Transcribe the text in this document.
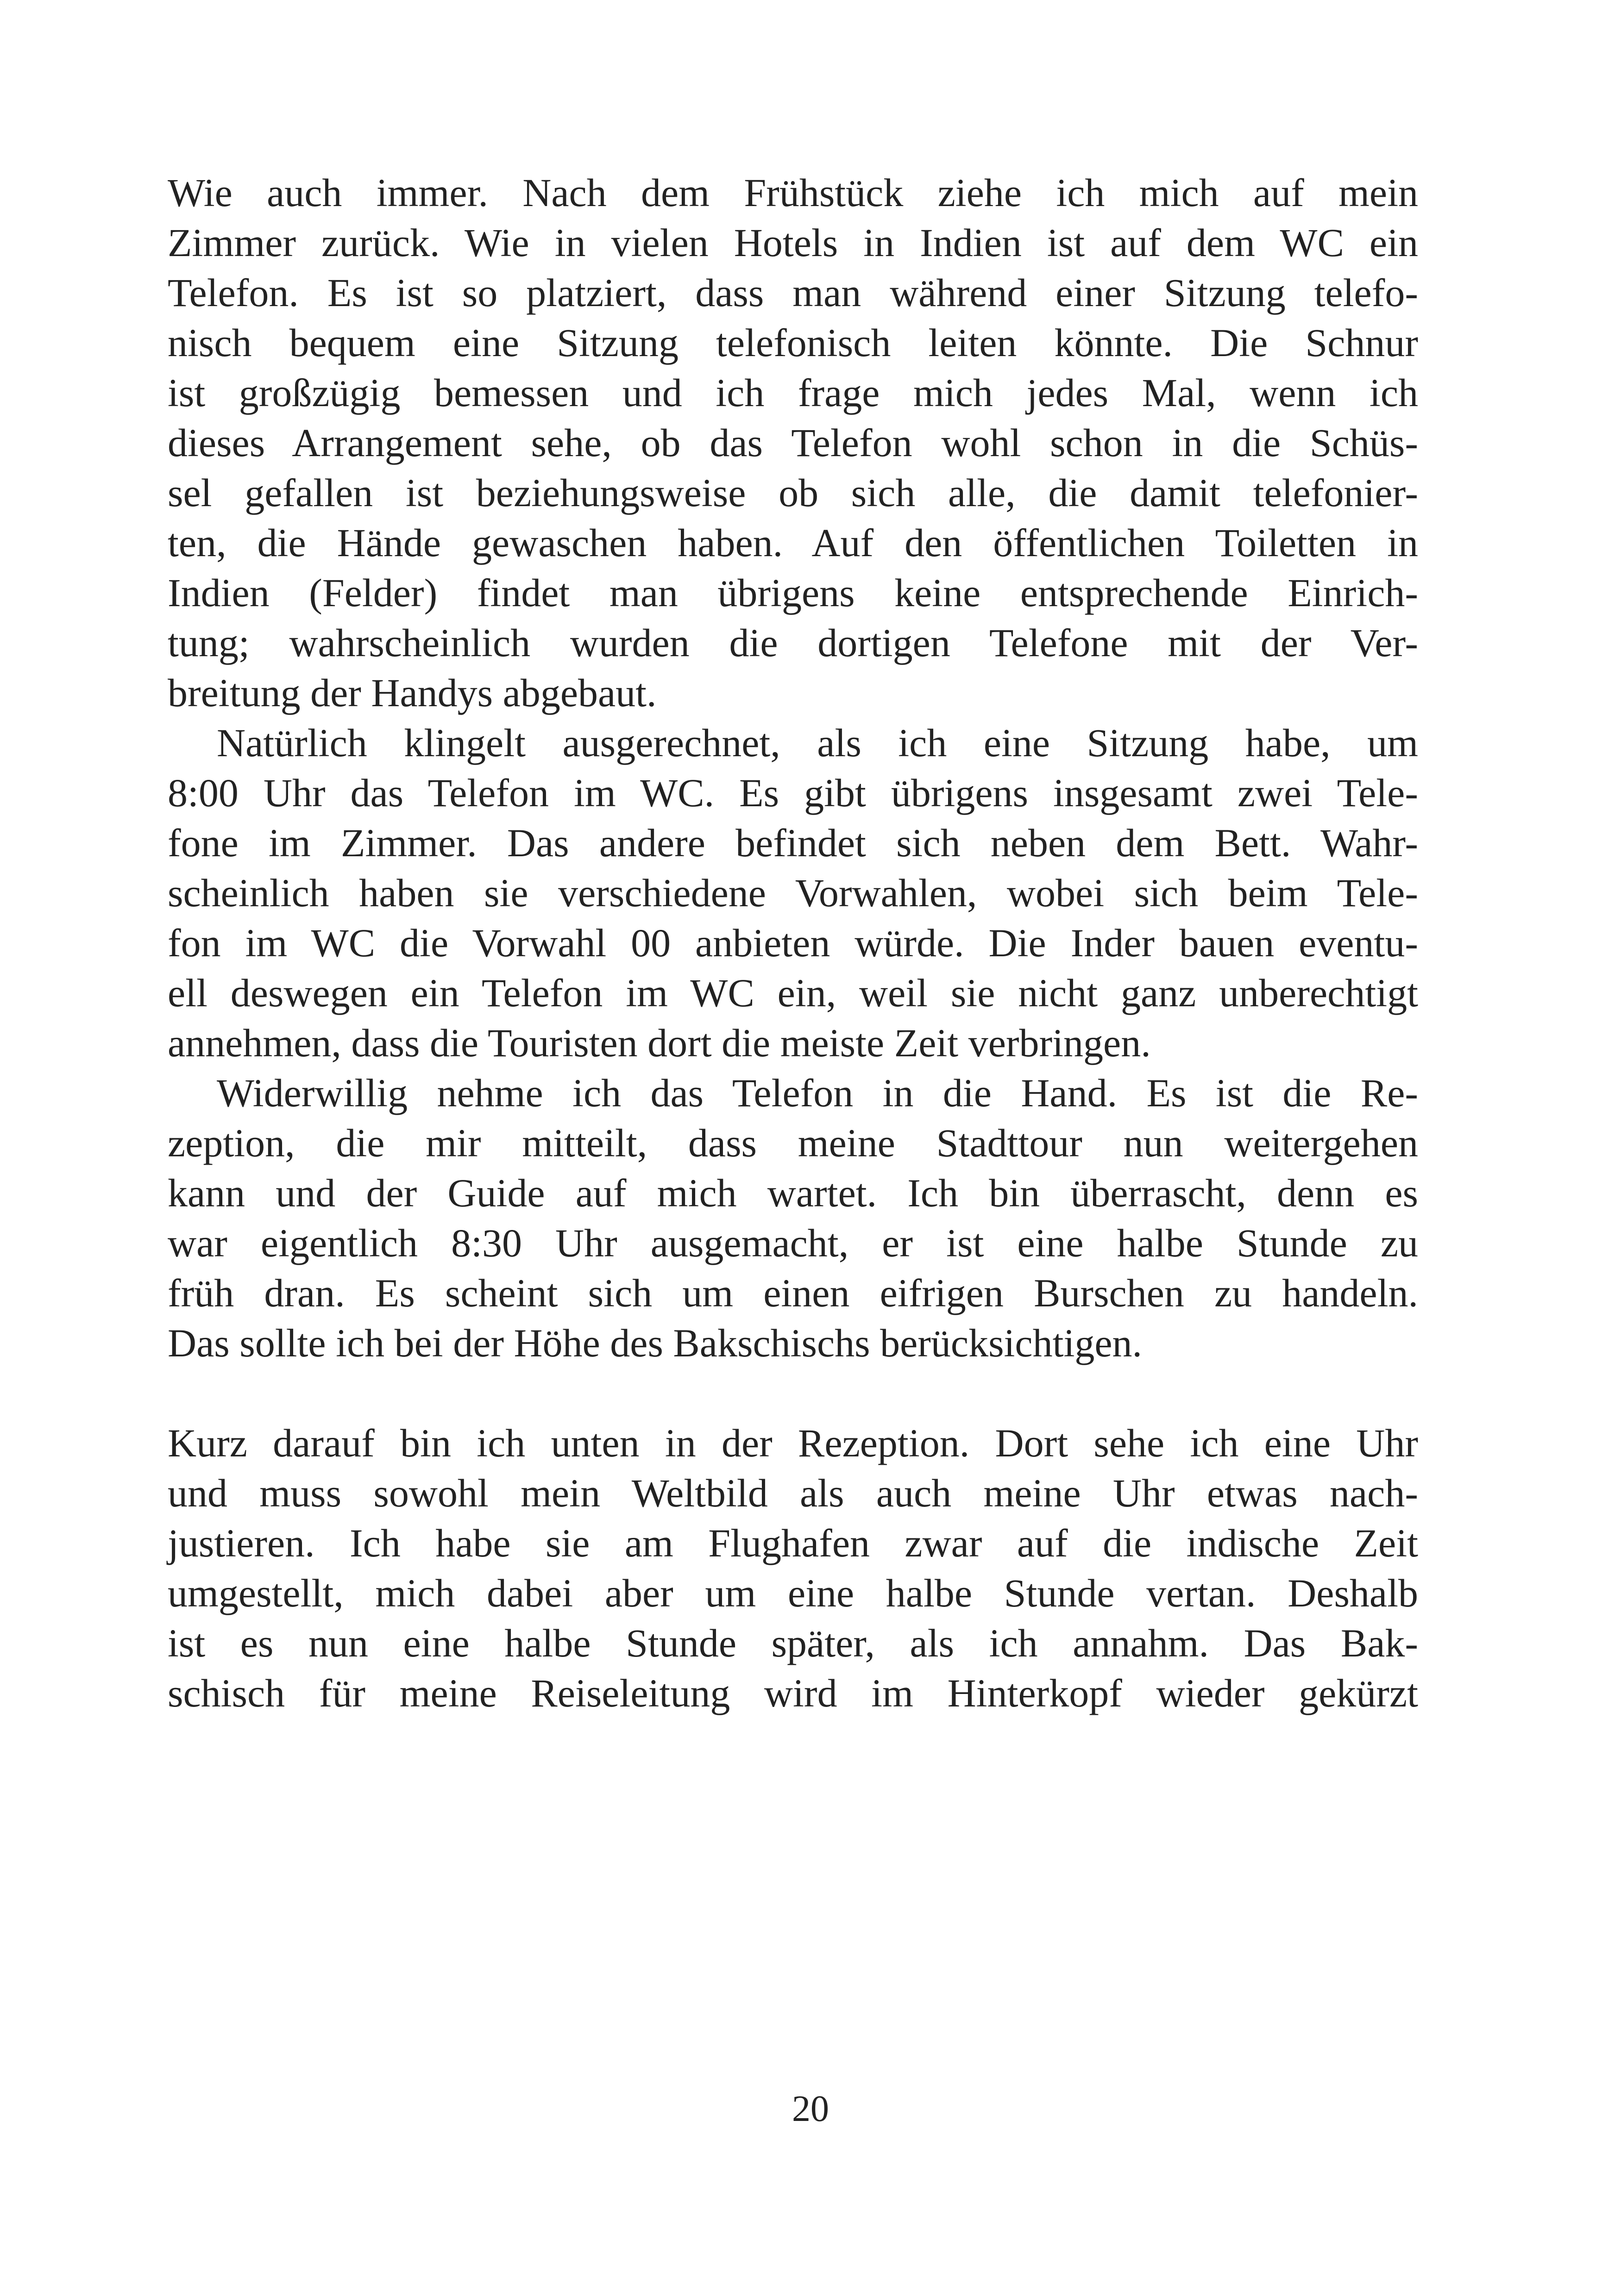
Wie auch immer. Nach dem Frühstück ziehe ich mich auf mein
Zimmer zurück. Wie in vielen Hotels in Indien ist auf dem WC ein
Telefon. Es ist so platziert, dass man während einer Sitzung telefo-
nisch bequem eine Sitzung telefonisch leiten könnte. Die Schnur
ist großzügig bemessen und ich frage mich jedes Mal, wenn ich
dieses Arrangement sehe, ob das Telefon wohl schon in die Schüs-
sel gefallen ist beziehungsweise ob sich alle, die damit telefonier-
ten, die Hände gewaschen haben. Auf den öffentlichen Toiletten in
Indien (Felder) findet man übrigens keine entsprechende Einrich-
tung; wahrscheinlich wurden die dortigen Telefone mit der Ver-
breitung der Handys abgebaut.
Natürlich klingelt ausgerechnet, als ich eine Sitzung habe, um
8:00 Uhr das Telefon im WC. Es gibt übrigens insgesamt zwei Tele-
fone im Zimmer. Das andere befindet sich neben dem Bett. Wahr-
scheinlich haben sie verschiedene Vorwahlen, wobei sich beim Tele-
fon im WC die Vorwahl 00 anbieten würde. Die Inder bauen eventu-
ell deswegen ein Telefon im WC ein, weil sie nicht ganz unberechtigt
annehmen, dass die Touristen dort die meiste Zeit verbringen.
Widerwillig nehme ich das Telefon in die Hand. Es ist die Re-
zeption, die mir mitteilt, dass meine Stadttour nun weitergehen
kann und der Guide auf mich wartet. Ich bin überrascht, denn es
war eigentlich 8:30 Uhr ausgemacht, er ist eine halbe Stunde zu
früh dran. Es scheint sich um einen eifrigen Burschen zu handeln.
Das sollte ich bei der Höhe des Bakschischs berücksichtigen.
Kurz darauf bin ich unten in der Rezeption. Dort sehe ich eine Uhr
und muss sowohl mein Weltbild als auch meine Uhr etwas nach-
justieren. Ich habe sie am Flughafen zwar auf die indische Zeit
umgestellt, mich dabei aber um eine halbe Stunde vertan. Deshalb
ist es nun eine halbe Stunde später, als ich annahm. Das Bak-
schisch für meine Reiseleitung wird im Hinterkopf wieder gekürzt
20
